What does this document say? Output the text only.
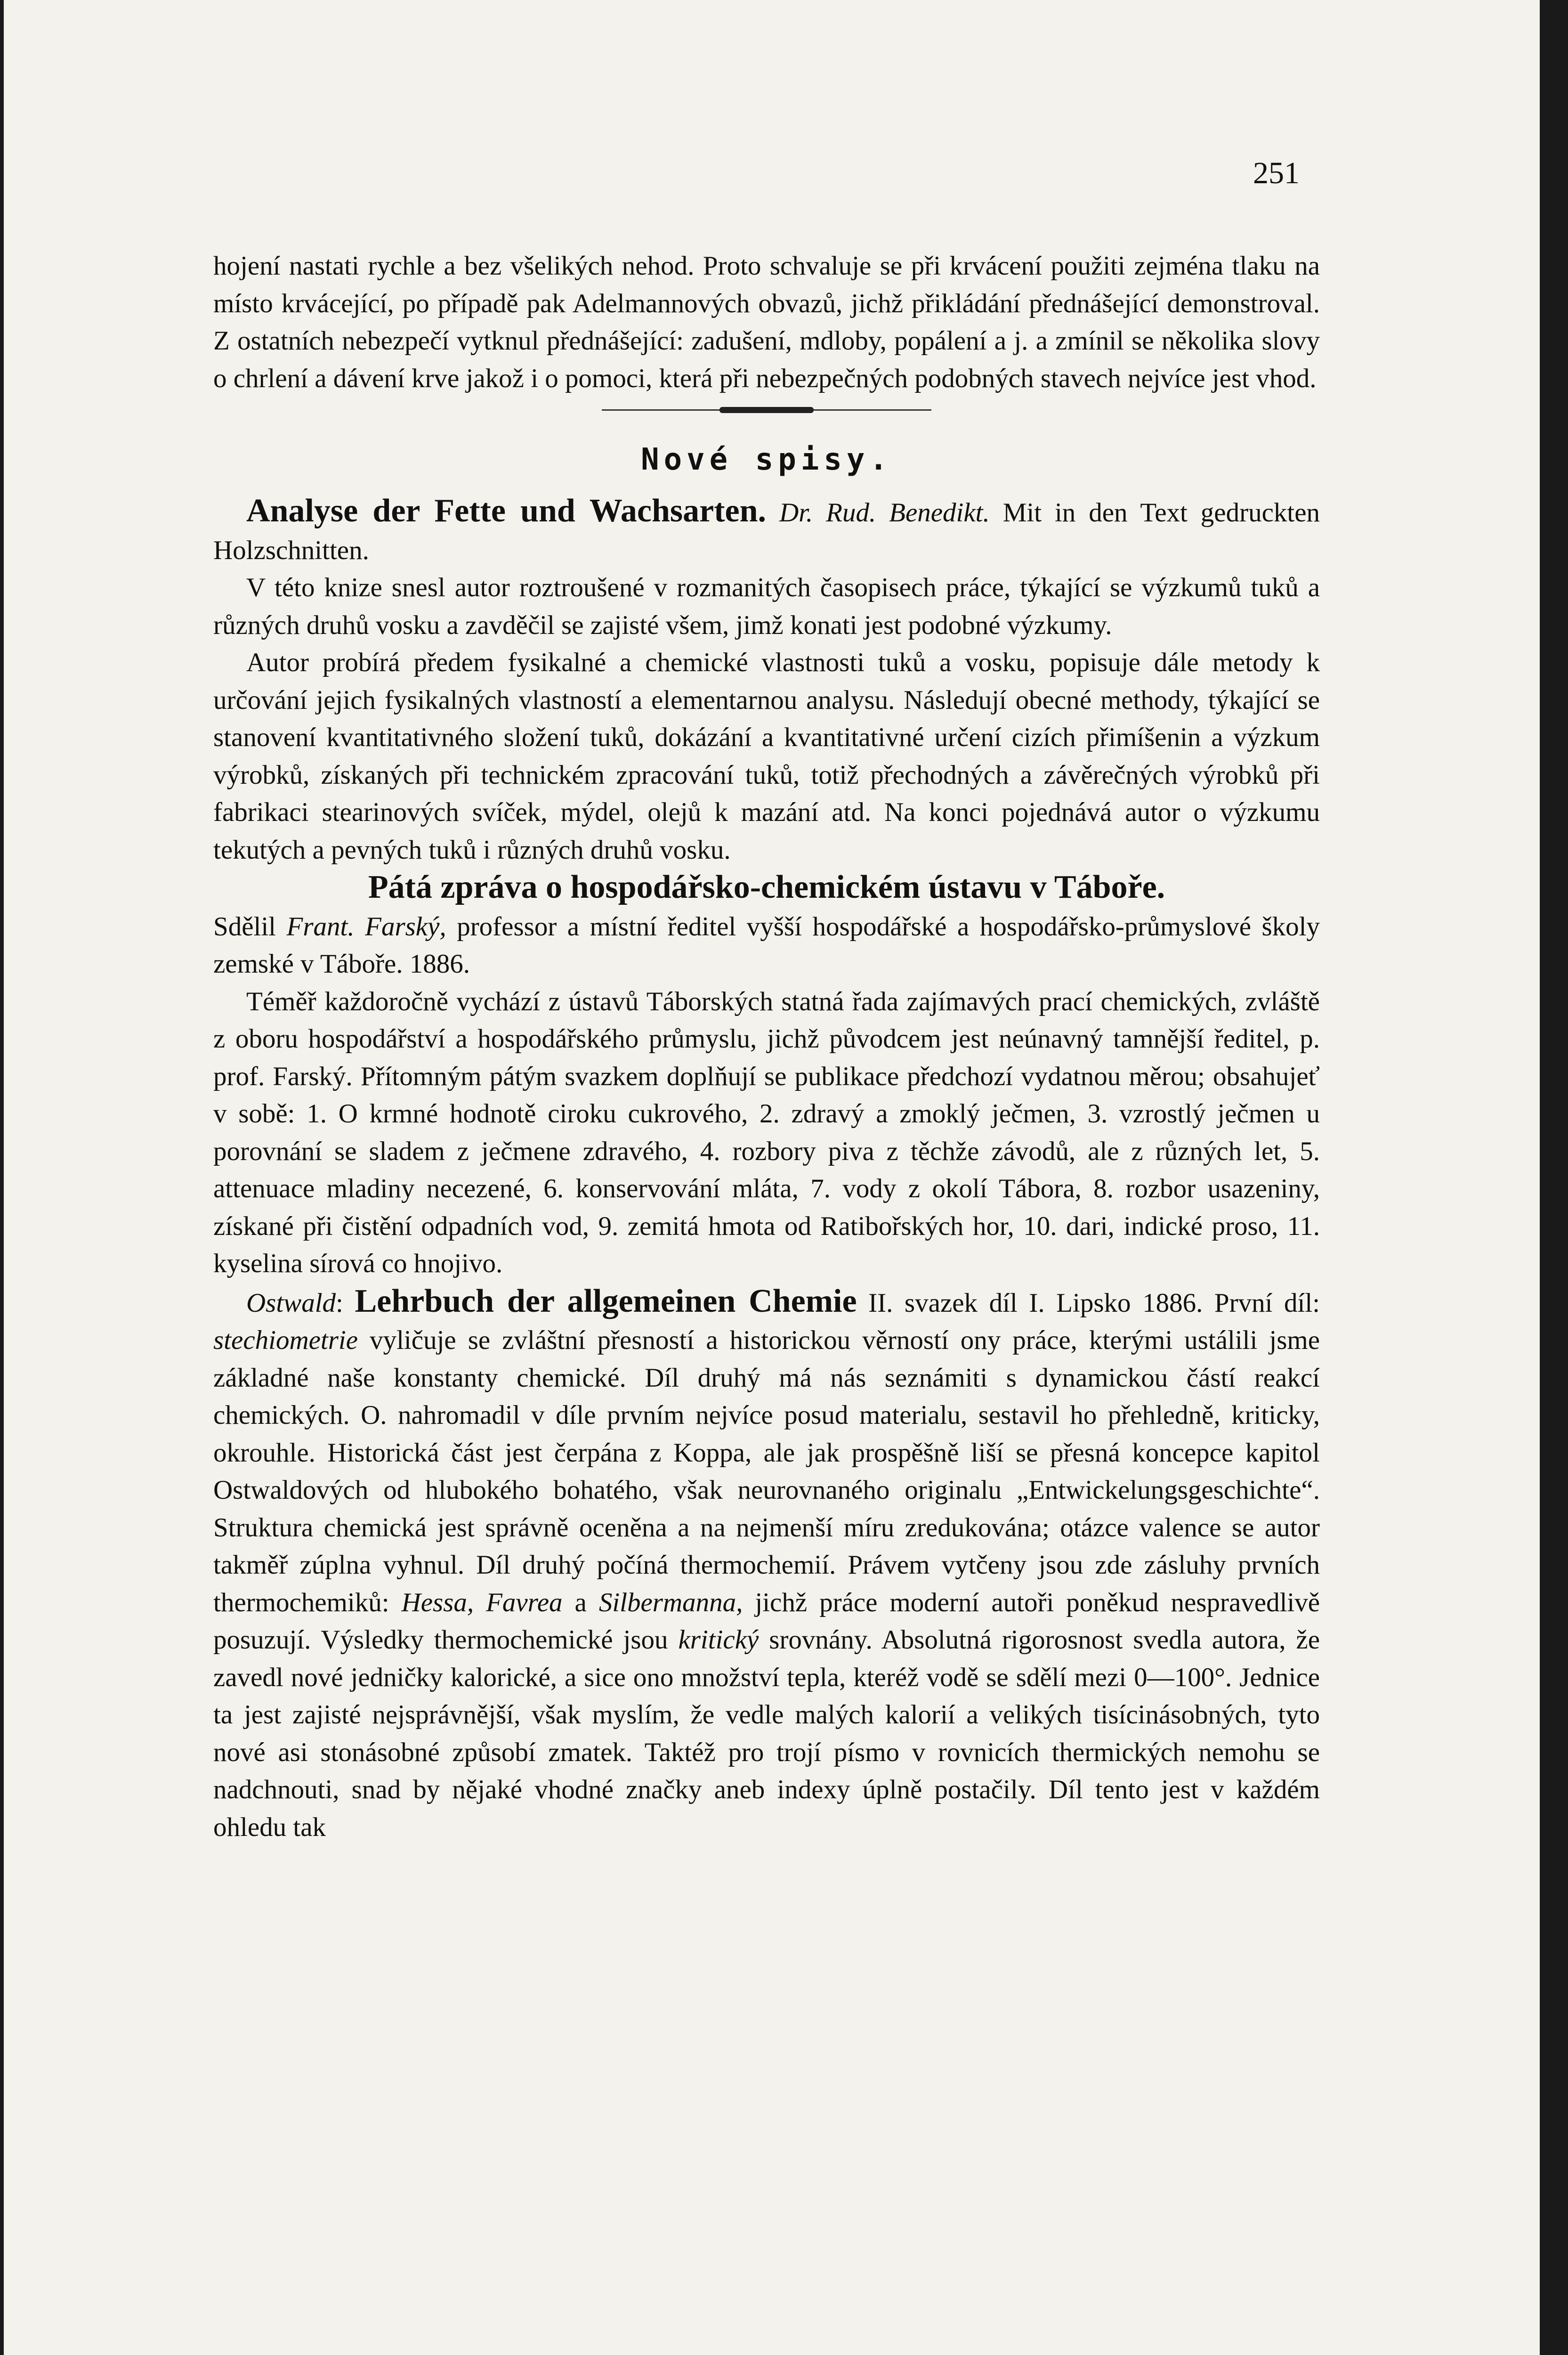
251

hojení nastati rychle a bez všelikých nehod. Proto schvaluje se při krvácení použiti zejména tlaku na místo krvácející, po případě pak Adelmannových obvazů, jichž přikládání přednášející demonstroval. Z ostatních nebezpečí vytknul přednášející: zadušení, mdloby, popálení a j. a zmínil se několika slovy o chrlení a dávení krve jakož i o pomoci, která při nebezpečných podobných stavech nejvíce jest vhod.

Nové spisy.

Analyse der Fette und Wachsarten. Dr. Rud. Benedikt. Mit in den Text gedruckten Holzschnitten.

V této knize snesl autor roztroušené v rozmanitých časopisech práce, týkající se výzkumů tuků a různých druhů vosku a zavděčil se zajisté všem, jimž konati jest podobné výzkumy.

Autor probírá předem fysikalné a chemické vlastnosti tuků a vosku, popisuje dále metody k určování jejich fysikalných vlastností a elementarnou analysu. Následují obecné methody, týkající se stanovení kvantitativného složení tuků, dokázání a kvantitativné určení cizích přimíšenin a výzkum výrobků, získaných při technickém zpracování tuků, totiž přechodných a závěrečných výrobků při fabrikaci stearinových svíček, mýdel, olejů k mazání atd. Na konci pojednává autor o výzkumu tekutých a pevných tuků i různých druhů vosku.

Pátá zpráva o hospodářsko-chemickém ústavu v Táboře.

Sdělil Frant. Farský, professor a místní ředitel vyšší hospodářské a hospodářsko-průmyslové školy zemské v Táboře. 1886.

Téměř každoročně vychází z ústavů Táborských statná řada zajímavých prací chemických, zvláště z oboru hospodářství a hospodářského průmyslu, jichž původcem jest neúnavný tamnější ředitel, p. prof. Farský. Přítomným pátým svazkem doplňují se publikace předchozí vydatnou měrou; obsahujeť v sobě: 1. O krmné hodnotě ciroku cukrového, 2. zdravý a zmoklý ječmen, 3. vzrostlý ječmen u porovnání se sladem z ječmene zdravého, 4. rozbory piva z těchže závodů, ale z různých let, 5. attenuace mladiny necezené, 6. konservování mláta, 7. vody z okolí Tábora, 8. rozbor usazeniny, získané při čistění odpadních vod, 9. zemitá hmota od Ratibořských hor, 10. dari, indické proso, 11. kyselina sírová co hnojivo.

Ostwald: Lehrbuch der allgemeinen Chemie II. svazek díl I. Lipsko 1886. První díl: stechiometrie vyličuje se zvláštní přesností a historickou věrností ony práce, kterými ustálili jsme základné naše konstanty chemické. Díl druhý má nás seznámiti s dynamickou částí reakcí chemických. O. nahromadil v díle prvním nejvíce posud materialu, sestavil ho přehledně, kriticky, okrouhle. Historická část jest čerpána z Koppa, ale jak prospěšně liší se přesná koncepce kapitol Ostwaldových od hlubokého bohatého, však neurovnaného originalu „Entwickelungsgeschichte“. Struktura chemická jest správně oceněna a na nejmenší míru zredukována; otázce valence se autor takměř zúplna vyhnul. Díl druhý počíná thermochemií. Právem vytčeny jsou zde zásluhy prvních thermochemiků: Hessa, Favrea a Silbermanna, jichž práce moderní autoři poněkud nespravedlivě posuzují. Výsledky thermochemické jsou kritický srovnány. Absolutná rigorosnost svedla autora, že zavedl nové jedničky kalorické, a sice ono množství tepla, kteréž vodě se sdělí mezi 0—100°. Jednice ta jest zajisté nejsprávnější, však myslím, že vedle malých kalorií a velikých tisícinásobných, tyto nové asi stonásobné způsobí zmatek. Taktéž pro trojí písmo v rovnicích thermických nemohu se nadchnouti, snad by nějaké vhodné značky aneb indexy úplně postačily. Díl tento jest v každém ohledu tak
